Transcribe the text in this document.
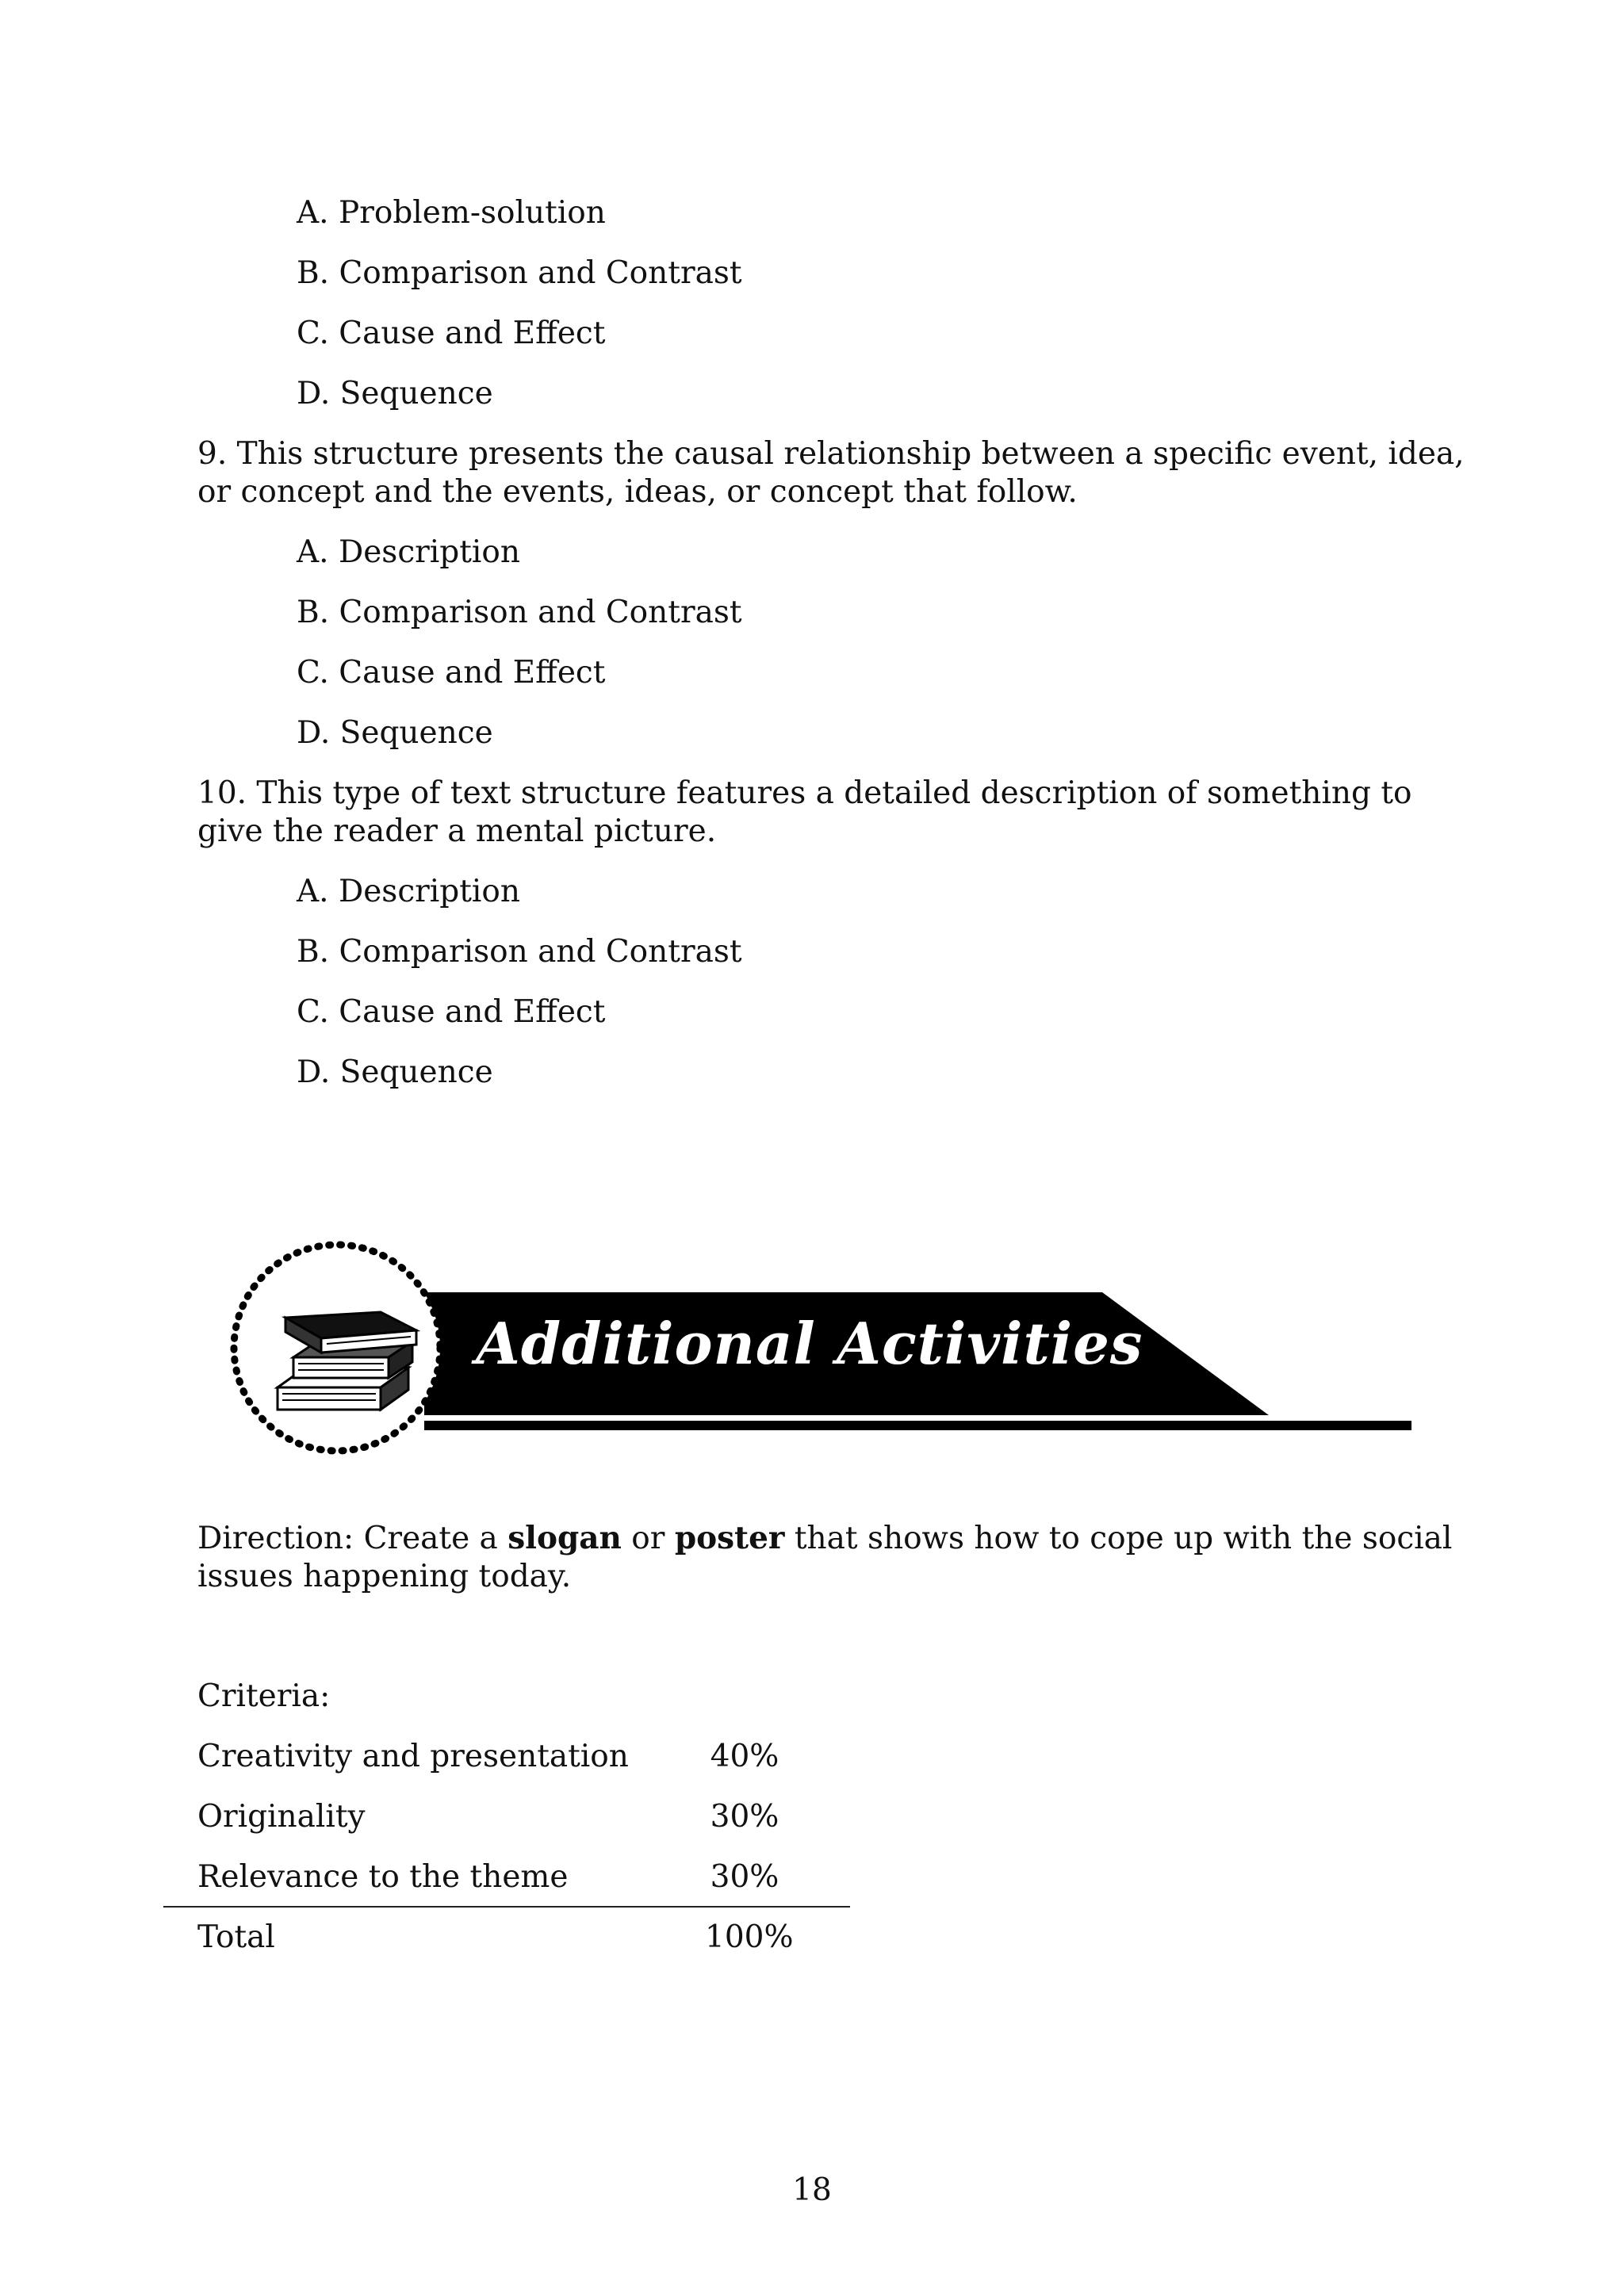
A. Problem-solution
B. Comparison and Contrast
C. Cause and Effect
D. Sequence
9. This structure presents the causal relationship between a specific event, idea, or concept and the events, ideas, or concept that follow.
A. Description
B. Comparison and Contrast
C. Cause and Effect
D. Sequence
10. This type of text structure features a detailed description of something to give the reader a mental picture.
A. Description
B. Comparison and Contrast
C. Cause and Effect
D. Sequence
Additional Activities
Direction: Create a slogan or poster that shows how to cope up with the social issues happening today.
Criteria:
Creativity and presentation	40%
Originality	30%
Relevance to the theme	30%
Total	100%
18
